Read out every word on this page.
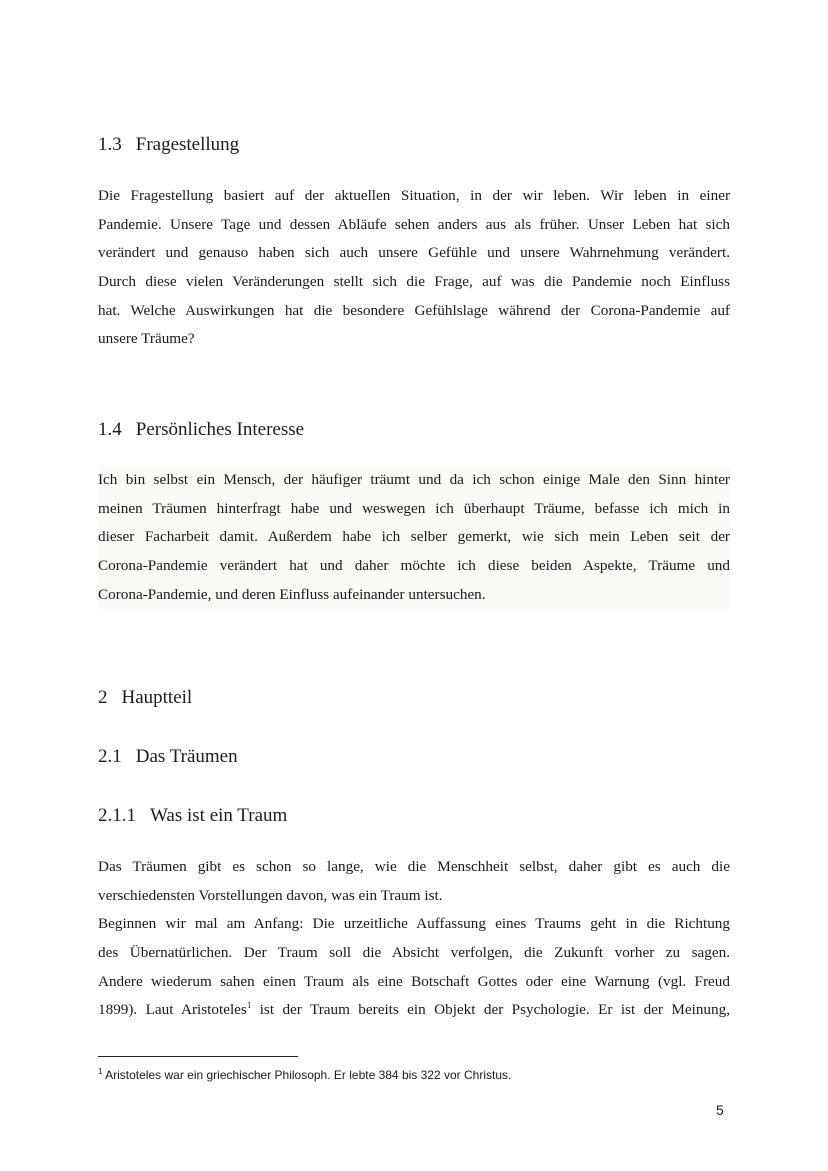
1.3 Fragestellung
Die Fragestellung basiert auf der aktuellen Situation, in der wir leben. Wir leben in einer
Pandemie. Unsere Tage und dessen Abläufe sehen anders aus als früher. Unser Leben hat sich
verändert und genauso haben sich auch unsere Gefühle und unsere Wahrnehmung verändert.
Durch diese vielen Veränderungen stellt sich die Frage, auf was die Pandemie noch Einfluss
hat. Welche Auswirkungen hat die besondere Gefühlslage während der Corona-Pandemie auf
unsere Träume?
1.4 Persönliches Interesse
Ich bin selbst ein Mensch, der häufiger träumt und da ich schon einige Male den Sinn hinter
meinen Träumen hinterfragt habe und weswegen ich überhaupt Träume, befasse ich mich in
dieser Facharbeit damit. Außerdem habe ich selber gemerkt, wie sich mein Leben seit der
Corona-Pandemie verändert hat und daher möchte ich diese beiden Aspekte, Träume und
Corona-Pandemie, und deren Einfluss aufeinander untersuchen.
2 Hauptteil
2.1 Das Träumen
2.1.1 Was ist ein Traum
Das Träumen gibt es schon so lange, wie die Menschheit selbst, daher gibt es auch die
verschiedensten Vorstellungen davon, was ein Traum ist.
Beginnen wir mal am Anfang: Die urzeitliche Auffassung eines Traums geht in die Richtung
des Übernatürlichen. Der Traum soll die Absicht verfolgen, die Zukunft vorher zu sagen.
Andere wiederum sahen einen Traum als eine Botschaft Gottes oder eine Warnung (vgl. Freud
1899). Laut Aristoteles$^1$ ist der Traum bereits ein Objekt der Psychologie. Er ist der Meinung,
$^1$ Aristoteles war ein griechischer Philosoph. Er lebte 384 bis 322 vor Christus.
5
